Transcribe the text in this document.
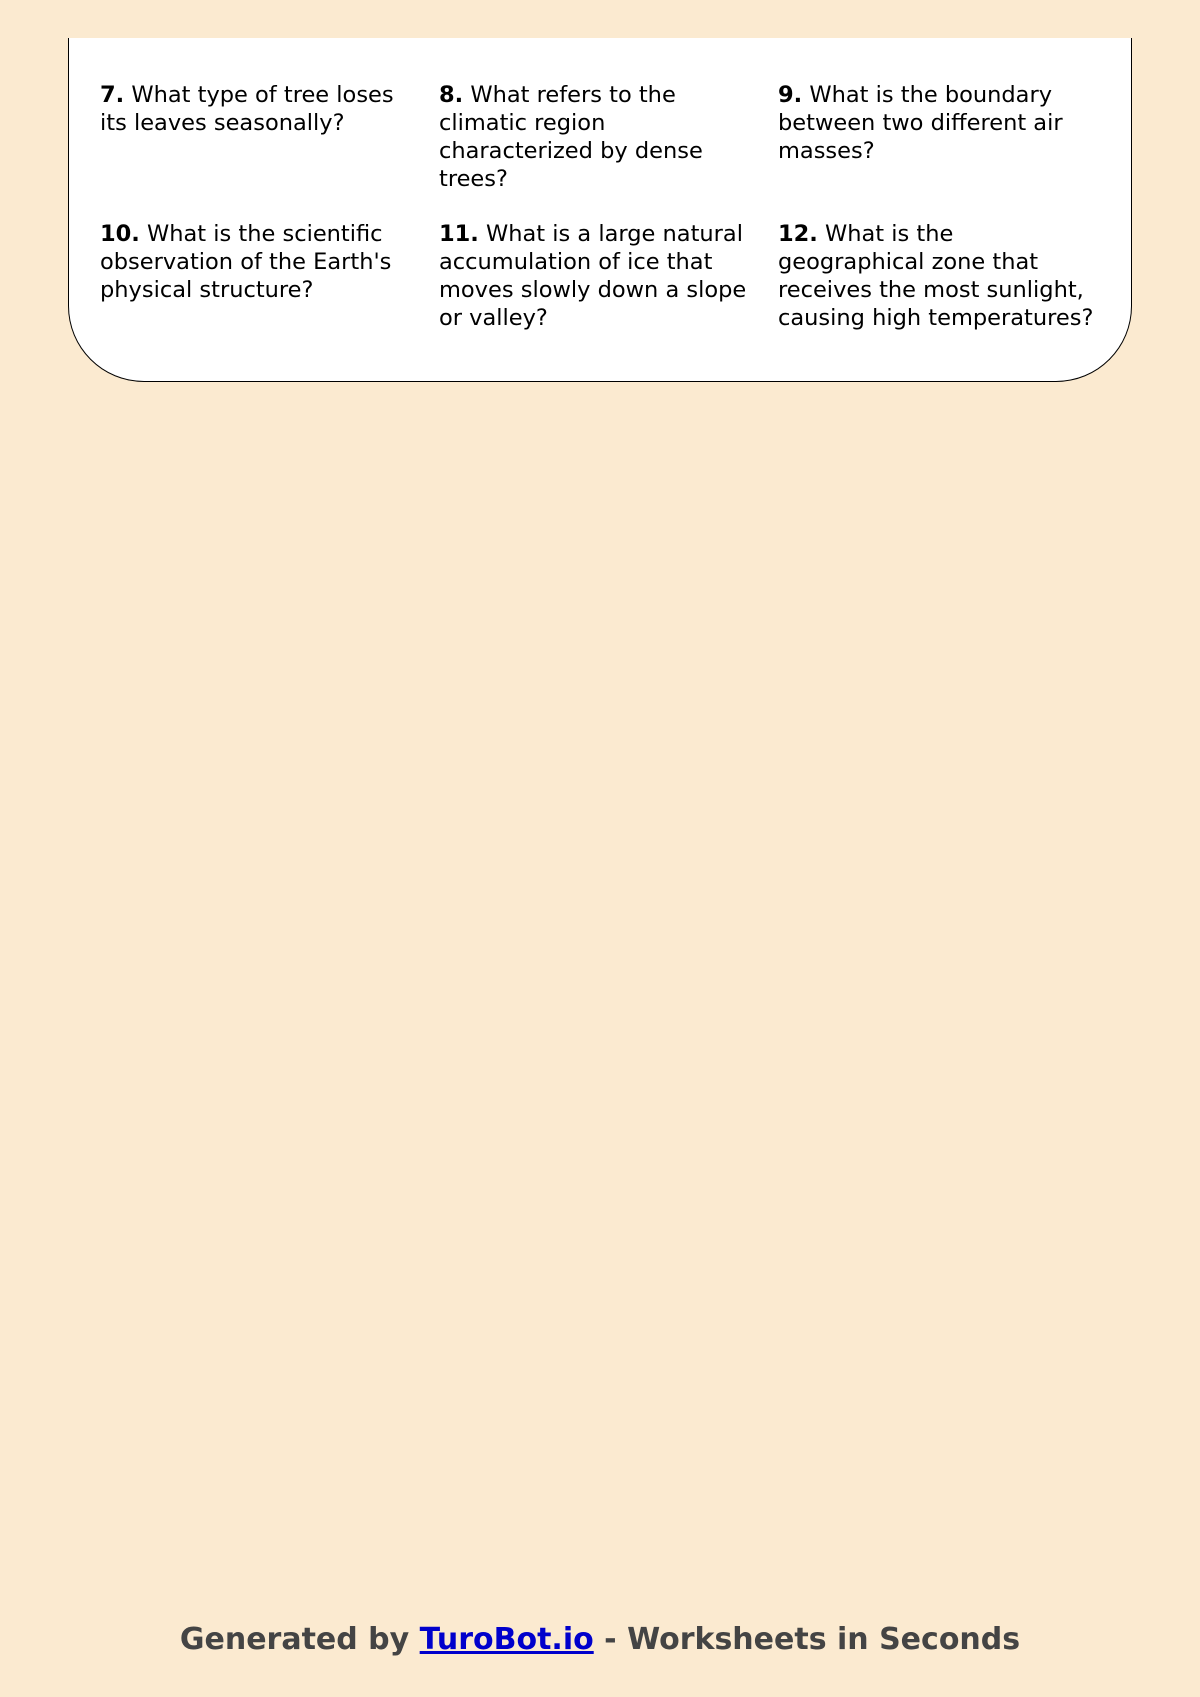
7. What type of tree loses its leaves seasonally?
8. What refers to the climatic region characterized by dense trees?
9. What is the boundary between two different air masses?
10. What is the scientific observation of the Earth's physical structure?
11. What is a large natural accumulation of ice that moves slowly down a slope or valley?
12. What is the geographical zone that receives the most sunlight, causing high temperatures?
Generated by TuroBot.io - Worksheets in Seconds
